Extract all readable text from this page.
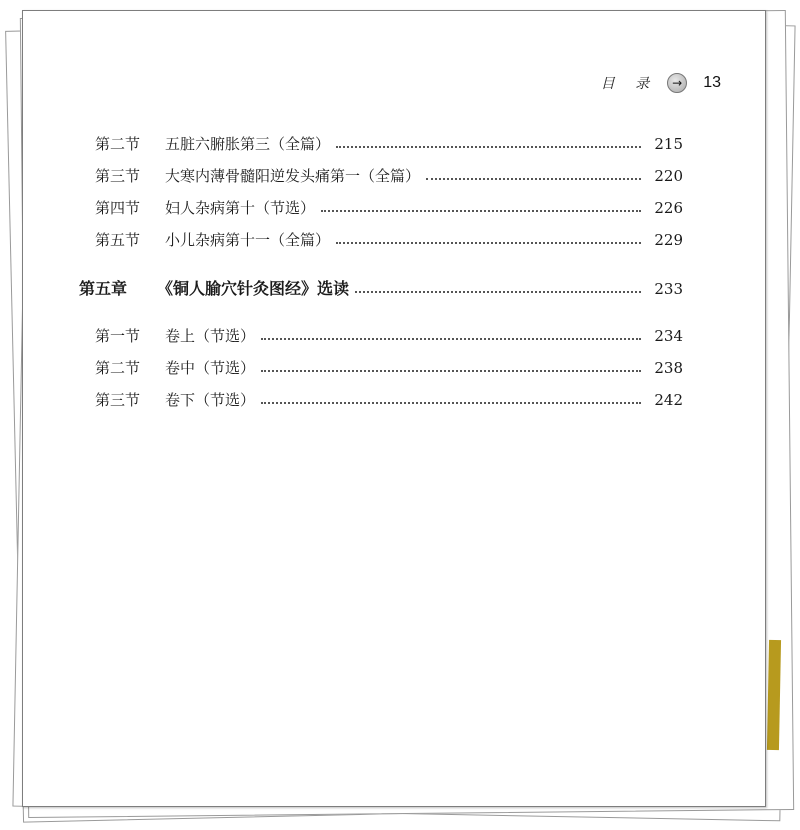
目 录	→	13
第二节	五脏六腑胀第三（全篇）	215
第三节	大寒内薄骨髓阳逆发头痛第一（全篇）	220
第四节	妇人杂病第十（节选）	226
第五节	小儿杂病第十一（全篇）	229
第五章	《铜人腧穴针灸图经》选读	233
第一节	卷上（节选）	234
第二节	卷中（节选）	238
第三节	卷下（节选）	242
